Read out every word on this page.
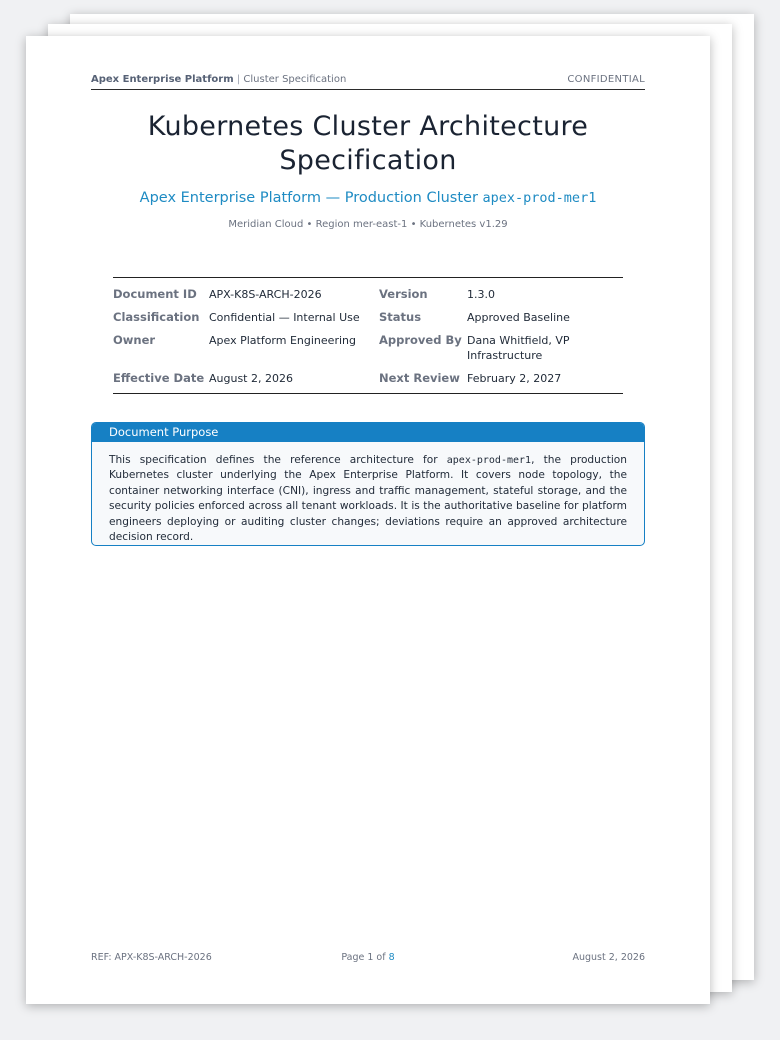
Apex Enterprise Platform | Cluster Specification	CONFIDENTIAL
Kubernetes Cluster Architecture
Specification
Apex Enterprise Platform — Production Cluster apex-prod-mer1
Meridian Cloud • Region mer-east-1 • Kubernetes v1.29
Document ID	APX-K8S-ARCH-2026	Version	1.3.0
Classification	Confidential — Internal Use	Status	Approved Baseline
Owner	Apex Platform Engineering	Approved By	Dana Whitfield, VP Infrastructure
Effective Date	August 2, 2026	Next Review	February 2, 2027
Document Purpose
This specification defines the reference architecture for apex-prod-mer1, the production Kubernetes cluster underlying the Apex Enterprise Platform. It covers node topology, the container networking interface (CNI), ingress and traffic management, stateful storage, and the security policies enforced across all tenant workloads. It is the authoritative baseline for platform engineers deploying or auditing cluster changes; deviations require an approved architecture decision record.
REF: APX-K8S-ARCH-2026	Page 1 of 8	August 2, 2026
